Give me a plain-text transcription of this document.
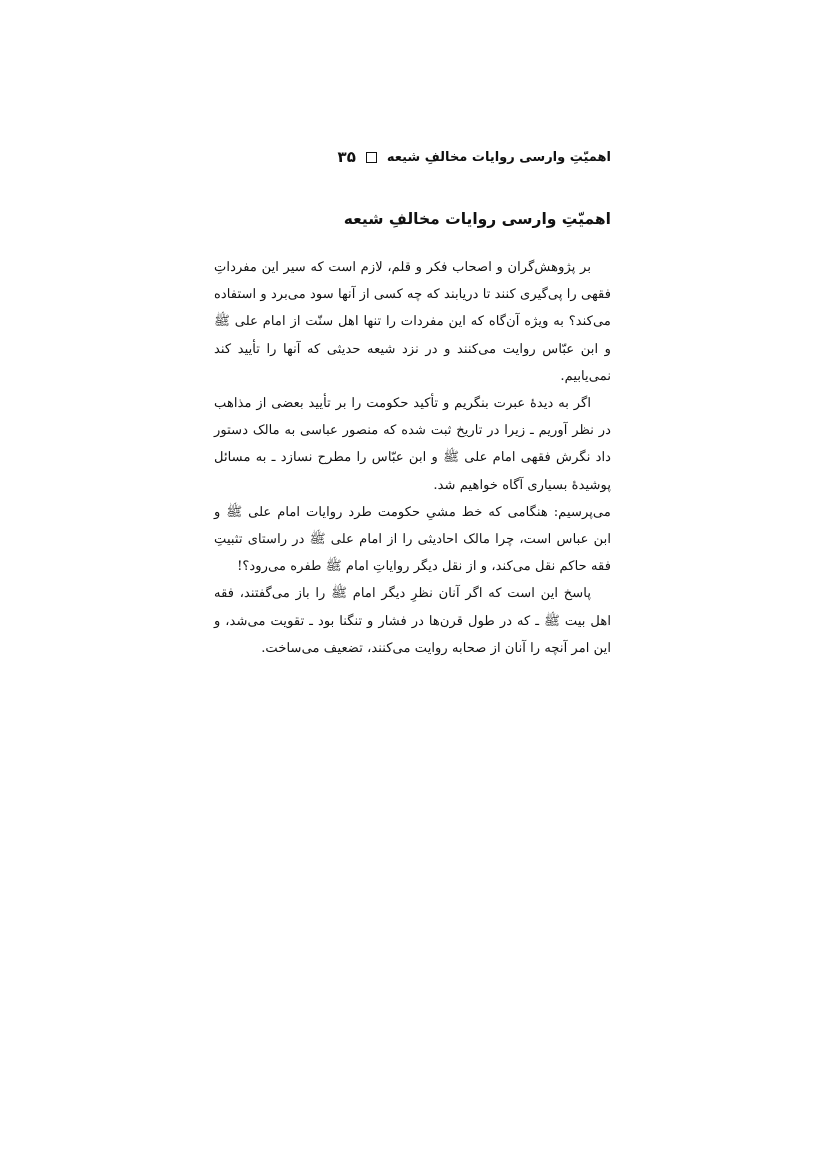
اهمیّتِ وارسی روایات مخالفِ شیعه
۳۵
اهمیّتِ وارسی روایات مخالفِ شیعه

بر پژوهش‌گران و اصحاب فکر و قلم، لازم است که سیر این مفرداتِ فقهی را پی‌گیری کنند تا دریابند که چه کسی از آنها سود می‌برد و استفاده می‌کند؟ به ویژه آن‌گاه که این مفردات را تنها اهل سنّت از امام علی ﷺ و ابن عبّاس روایت می‌کنند و در نزد شیعه حدیثی که آنها را تأیید کند نمی‌یابیم.

اگر به دیدهٔ عبرت بنگریم و تأکید حکومت را بر تأیید بعضی از مذاهب در نظر آوریم ـ زیرا در تاریخ ثبت شده که منصور عباسی به مالک دستور داد نگرش فقهی امام علی ﷺ و ابن عبّاس را مطرح نسازد ـ به مسائل پوشیدهٔ بسیاری آگاه خواهیم شد.

می‌پرسیم: هنگامی که خط مشیِ حکومت طرد روایات امام علی ﷺ و ابن عباس است، چرا مالک احادیثی را از امام علی ﷺ در راستای تثبیتِ فقه حاکم نقل می‌کند، و از نقل دیگر روایاتِ امام ﷺ طفره می‌رود؟!

پاسخ این است که اگر آنان نظرِ دیگر امام ﷺ را باز می‌گفتند، فقه اهل بیت ﷺ ـ که در طول قرن‌ها در فشار و تنگنا بود ـ تقویت می‌شد، و این امر آنچه را آنان از صحابه روایت می‌کنند، تضعیف می‌ساخت.
